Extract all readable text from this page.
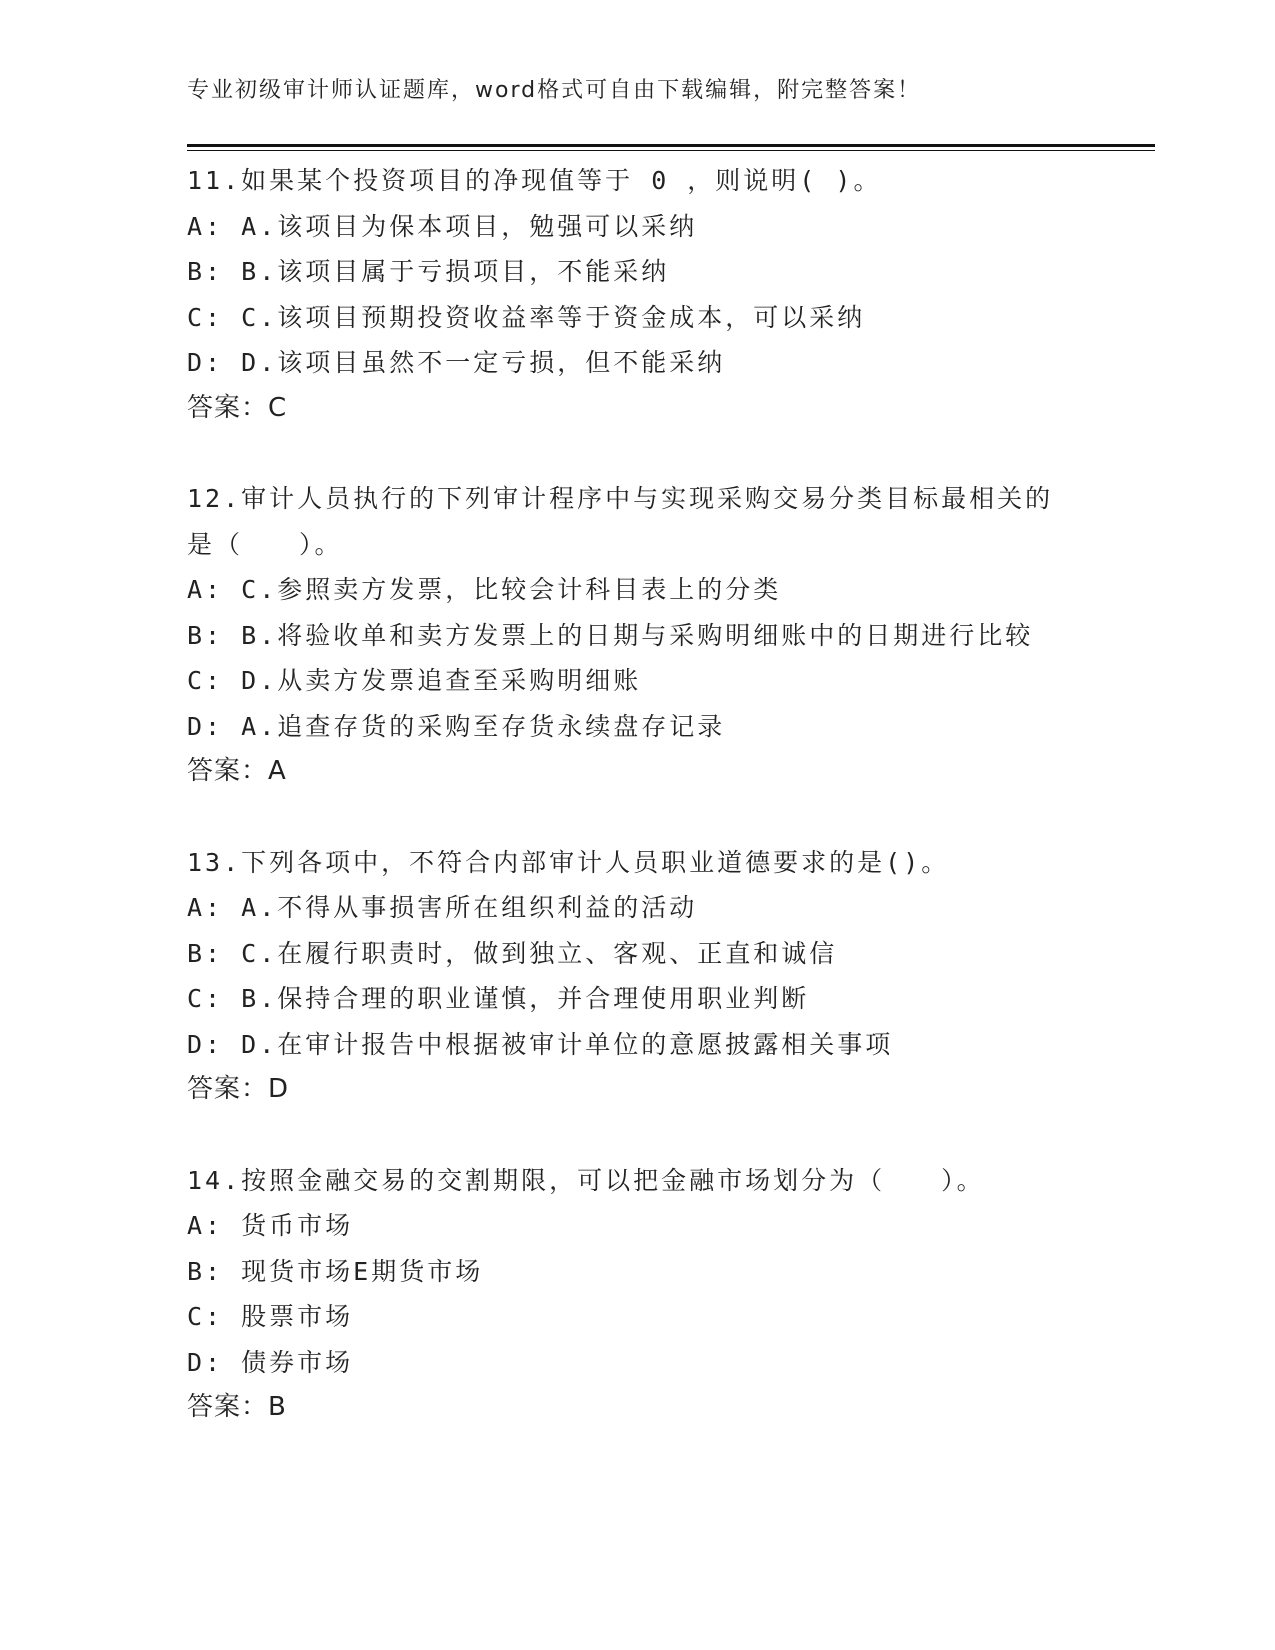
专业初级审计师认证题库，word格式可自由下载编辑，附完整答案！
11.如果某个投资项目的净现值等于 0 ，则说明( )。
A: A.该项目为保本项目，勉强可以采纳
B: B.该项目属于亏损项目，不能采纳
C: C.该项目预期投资收益率等于资金成本，可以采纳
D: D.该项目虽然不一定亏损，但不能采纳
答案：C
12.审计人员执行的下列审计程序中与实现采购交易分类目标最相关的是（　　）。
A: C.参照卖方发票，比较会计科目表上的分类
B: B.将验收单和卖方发票上的日期与采购明细账中的日期进行比较
C: D.从卖方发票追查至采购明细账
D: A.追查存货的采购至存货永续盘存记录
答案：A
13.下列各项中，不符合内部审计人员职业道德要求的是()。
A: A.不得从事损害所在组织利益的活动
B: C.在履行职责时，做到独立、客观、正直和诚信
C: B.保持合理的职业谨慎，并合理使用职业判断
D: D.在审计报告中根据被审计单位的意愿披露相关事项
答案：D
14.按照金融交易的交割期限，可以把金融市场划分为（　　）。
A: 货币市场
B: 现货市场E期货市场
C: 股票市场
D: 债券市场
答案：B
